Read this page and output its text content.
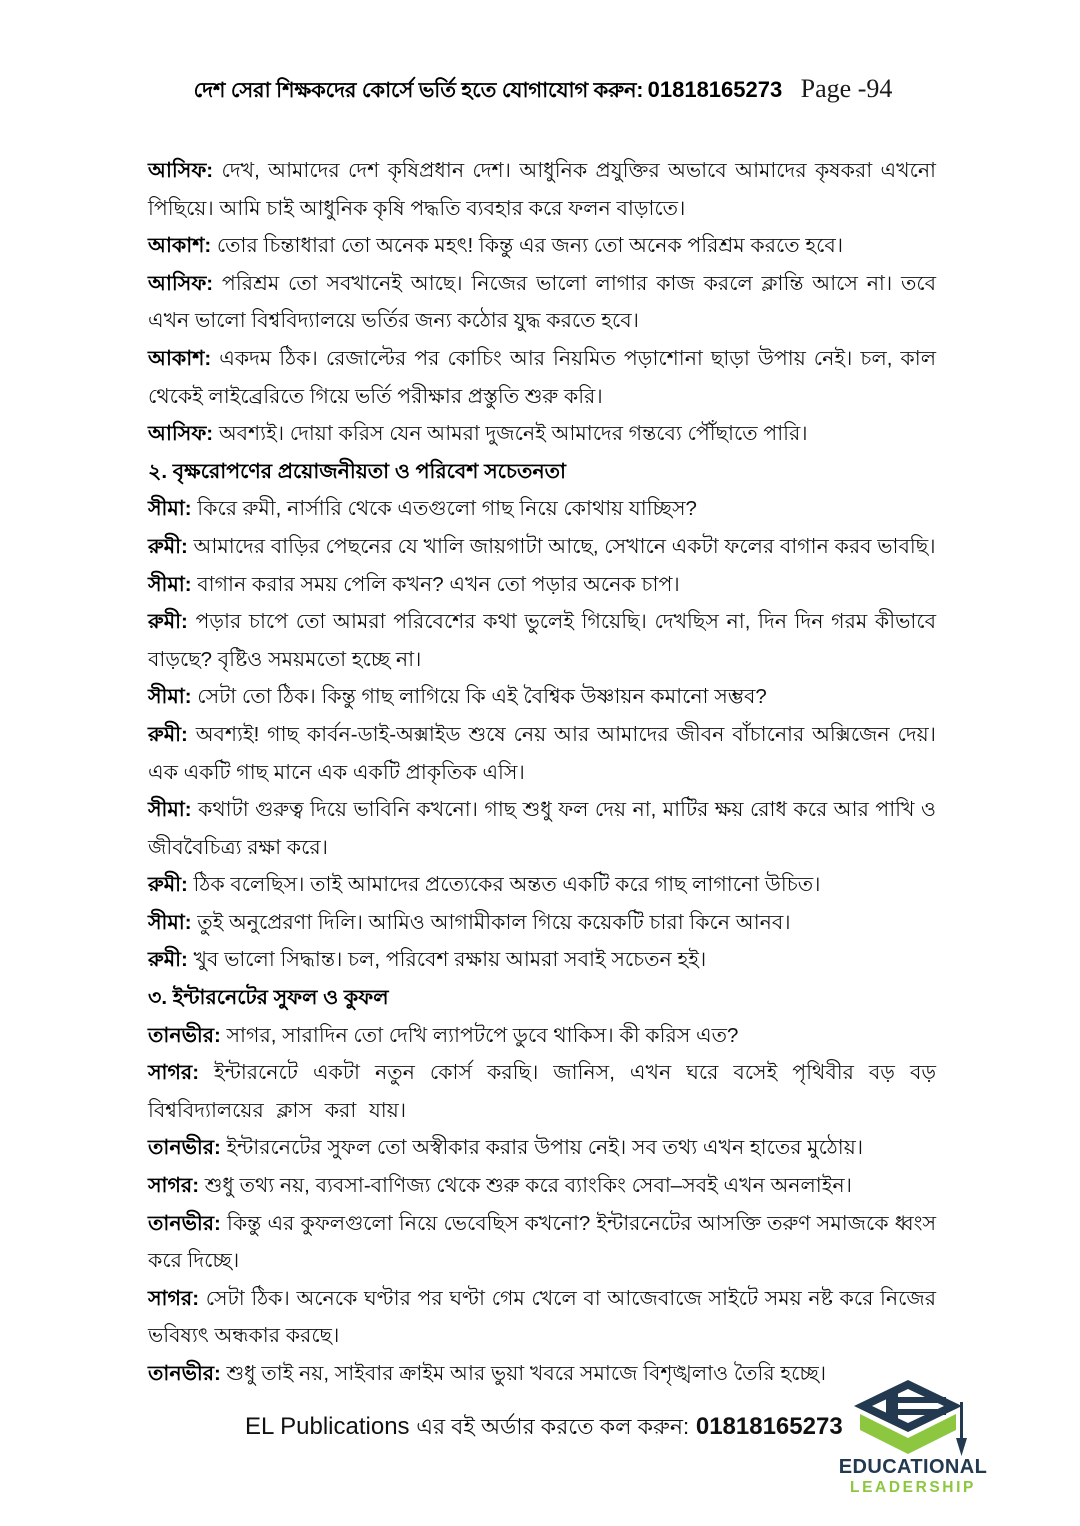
দেশ সেরা শিক্ষকদের কোর্সে ভর্তি হতে যোগাযোগ করুন: 01818165273 Page -94
আসিফ: দেখ, আমাদের দেশ কৃষিপ্রধান দেশ। আধুনিক প্রযুক্তির অভাবে আমাদের কৃষকরা এখনো পিছিয়ে। আমি চাই আধুনিক কৃষি পদ্ধতি ব্যবহার করে ফলন বাড়াতে।
আকাশ: তোর চিন্তাধারা তো অনেক মহৎ! কিন্তু এর জন্য তো অনেক পরিশ্রম করতে হবে।
আসিফ: পরিশ্রম তো সবখানেই আছে। নিজের ভালো লাগার কাজ করলে ক্লান্তি আসে না। তবে এখন ভালো বিশ্ববিদ্যালয়ে ভর্তির জন্য কঠোর যুদ্ধ করতে হবে।
আকাশ: একদম ঠিক। রেজাল্টের পর কোচিং আর নিয়মিত পড়াশোনা ছাড়া উপায় নেই। চল, কাল থেকেই লাইব্রেরিতে গিয়ে ভর্তি পরীক্ষার প্রস্তুতি শুরু করি।
আসিফ: অবশ্যই। দোয়া করিস যেন আমরা দুজনেই আমাদের গন্তব্যে পৌঁছাতে পারি।
২. বৃক্ষরোপণের প্রয়োজনীয়তা ও পরিবেশ সচেতনতা
সীমা: কিরে রুমী, নার্সারি থেকে এতগুলো গাছ নিয়ে কোথায় যাচ্ছিস?
রুমী: আমাদের বাড়ির পেছনের যে খালি জায়গাটা আছে, সেখানে একটা ফলের বাগান করব ভাবছি।
সীমা: বাগান করার সময় পেলি কখন? এখন তো পড়ার অনেক চাপ।
রুমী: পড়ার চাপে তো আমরা পরিবেশের কথা ভুলেই গিয়েছি। দেখছিস না, দিন দিন গরম কীভাবে বাড়ছে? বৃষ্টিও সময়মতো হচ্ছে না।
সীমা: সেটা তো ঠিক। কিন্তু গাছ লাগিয়ে কি এই বৈশ্বিক উষ্ণায়ন কমানো সম্ভব?
রুমী: অবশ্যই! গাছ কার্বন-ডাই-অক্সাইড শুষে নেয় আর আমাদের জীবন বাঁচানোর অক্সিজেন দেয়। এক একটি গাছ মানে এক একটি প্রাকৃতিক এসি।
সীমা: কথাটা গুরুত্ব দিয়ে ভাবিনি কখনো। গাছ শুধু ফল দেয় না, মাটির ক্ষয় রোধ করে আর পাখি ও জীববৈচিত্র্য রক্ষা করে।
রুমী: ঠিক বলেছিস। তাই আমাদের প্রত্যেকের অন্তত একটি করে গাছ লাগানো উচিত।
সীমা: তুই অনুপ্রেরণা দিলি। আমিও আগামীকাল গিয়ে কয়েকটি চারা কিনে আনব।
রুমী: খুব ভালো সিদ্ধান্ত। চল, পরিবেশ রক্ষায় আমরা সবাই সচেতন হই।
৩. ইন্টারনেটের সুফল ও কুফল
তানভীর: সাগর, সারাদিন তো দেখি ল্যাপটপে ডুবে থাকিস। কী করিস এত?
সাগর: ইন্টারনেটে একটা নতুন কোর্স করছি। জানিস, এখন ঘরে বসেই পৃথিবীর বড় বড় বিশ্ববিদ্যালয়ের ক্লাস করা যায়।
তানভীর: ইন্টারনেটের সুফল তো অস্বীকার করার উপায় নেই। সব তথ্য এখন হাতের মুঠোয়।
সাগর: শুধু তথ্য নয়, ব্যবসা-বাণিজ্য থেকে শুরু করে ব্যাংকিং সেবা–সবই এখন অনলাইন।
তানভীর: কিন্তু এর কুফলগুলো নিয়ে ভেবেছিস কখনো? ইন্টারনেটের আসক্তি তরুণ সমাজকে ধ্বংস করে দিচ্ছে।
সাগর: সেটা ঠিক। অনেকে ঘণ্টার পর ঘণ্টা গেম খেলে বা আজেবাজে সাইটে সময় নষ্ট করে নিজের ভবিষ্যৎ অন্ধকার করছে।
তানভীর: শুধু তাই নয়, সাইবার ক্রাইম আর ভুয়া খবরে সমাজে বিশৃঙ্খলাও তৈরি হচ্ছে।
EL Publications এর বই অর্ডার করতে কল করুন: 01818165273
EDUCATIONAL
LEADERSHIP
